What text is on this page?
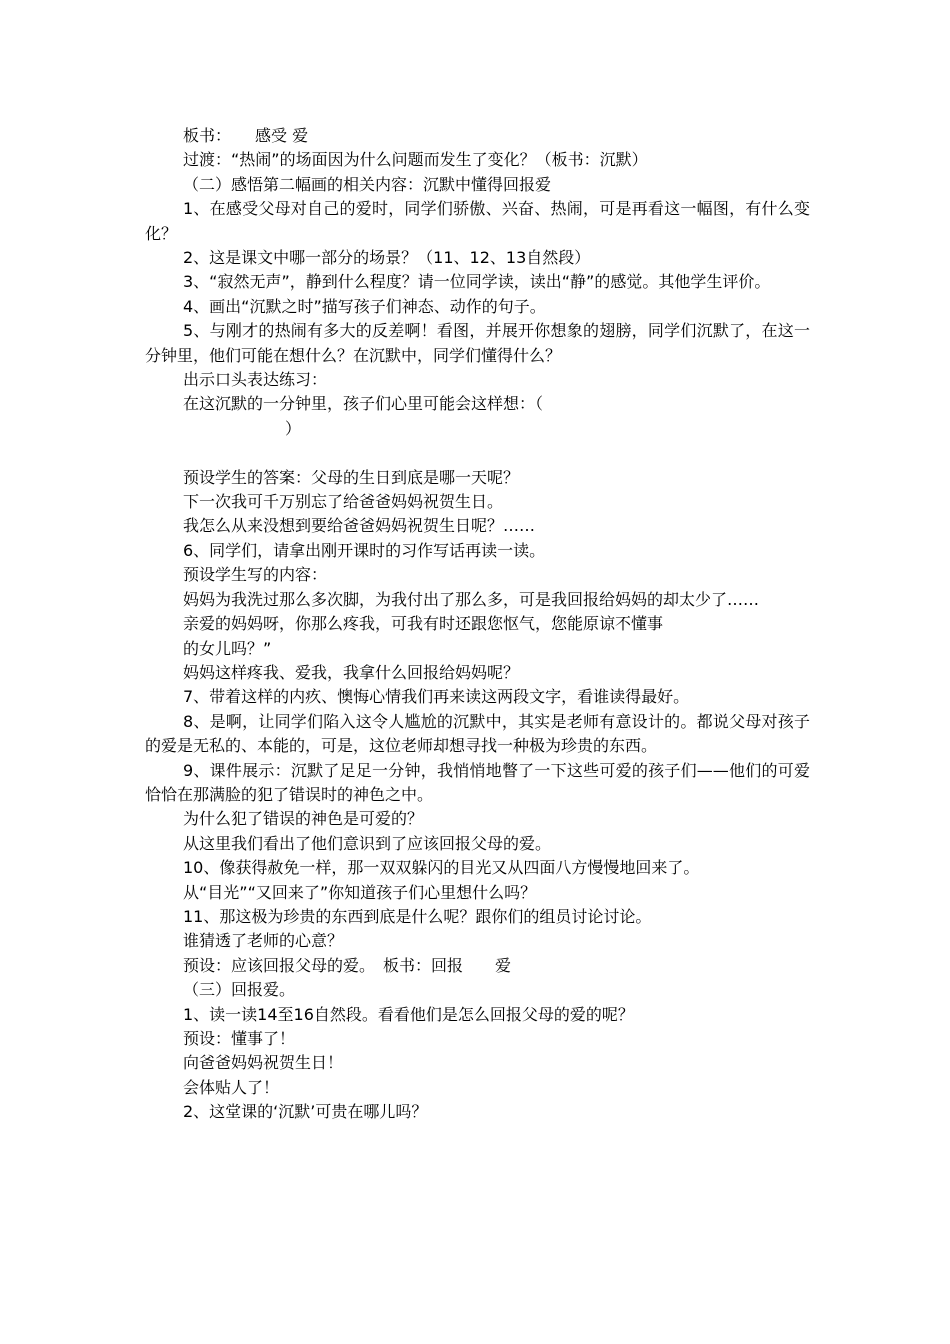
板书：　　感受 爱

过渡：“热闹”的场面因为什么问题而发生了变化？（板书：沉默）

（二）感悟第二幅画的相关内容：沉默中懂得回报爱

1、在感受父母对自己的爱时，同学们骄傲、兴奋、热闹，可是再看这一幅图，有什么变化？

2、这是课文中哪一部分的场景？（11、12、13自然段）

3、“寂然无声”，静到什么程度？请一位同学读，读出“静”的感觉。其他学生评价。

4、画出“沉默之时”描写孩子们神态、动作的句子。

5、与刚才的热闹有多大的反差啊！看图，并展开你想象的翅膀，同学们沉默了，在这一分钟里，他们可能在想什么？在沉默中，同学们懂得什么？

出示口头表达练习：

在这沉默的一分钟里，孩子们心里可能会这样想：（

）

预设学生的答案：父母的生日到底是哪一天呢？

下一次我可千万别忘了给爸爸妈妈祝贺生日。

我怎么从来没想到要给爸爸妈妈祝贺生日呢？……

6、同学们，请拿出刚开课时的习作写话再读一读。

预设学生写的内容：

妈妈为我洗过那么多次脚，为我付出了那么多，可是我回报给妈妈的却太少了……

亲爱的妈妈呀，你那么疼我，可我有时还跟您怄气，您能原谅不懂事

的女儿吗？”

妈妈这样疼我、爱我，我拿什么回报给妈妈呢？

7、带着这样的内疚、懊悔心情我们再来读这两段文字，看谁读得最好。

8、是啊，让同学们陷入这令人尴尬的沉默中，其实是老师有意设计的。都说父母对孩子的爱是无私的、本能的，可是，这位老师却想寻找一种极为珍贵的东西。

9、课件展示：沉默了足足一分钟，我悄悄地瞥了一下这些可爱的孩子们——他们的可爱恰恰在那满脸的犯了错误时的神色之中。

为什么犯了错误的神色是可爱的？

从这里我们看出了他们意识到了应该回报父母的爱。

10、像获得赦免一样，那一双双躲闪的目光又从四面八方慢慢地回来了。

从“目光”“又回来了”你知道孩子们心里想什么吗？

11、那这极为珍贵的东西到底是什么呢？跟你们的组员讨论讨论。

谁猜透了老师的心意？

预设：应该回报父母的爱。　板书：回报　　爱

（三）回报爱。

1、读一读14至16自然段。看看他们是怎么回报父母的爱的呢？

预设：懂事了！

向爸爸妈妈祝贺生日！

会体贴人了！

2、这堂课的‘沉默’可贵在哪儿吗？
